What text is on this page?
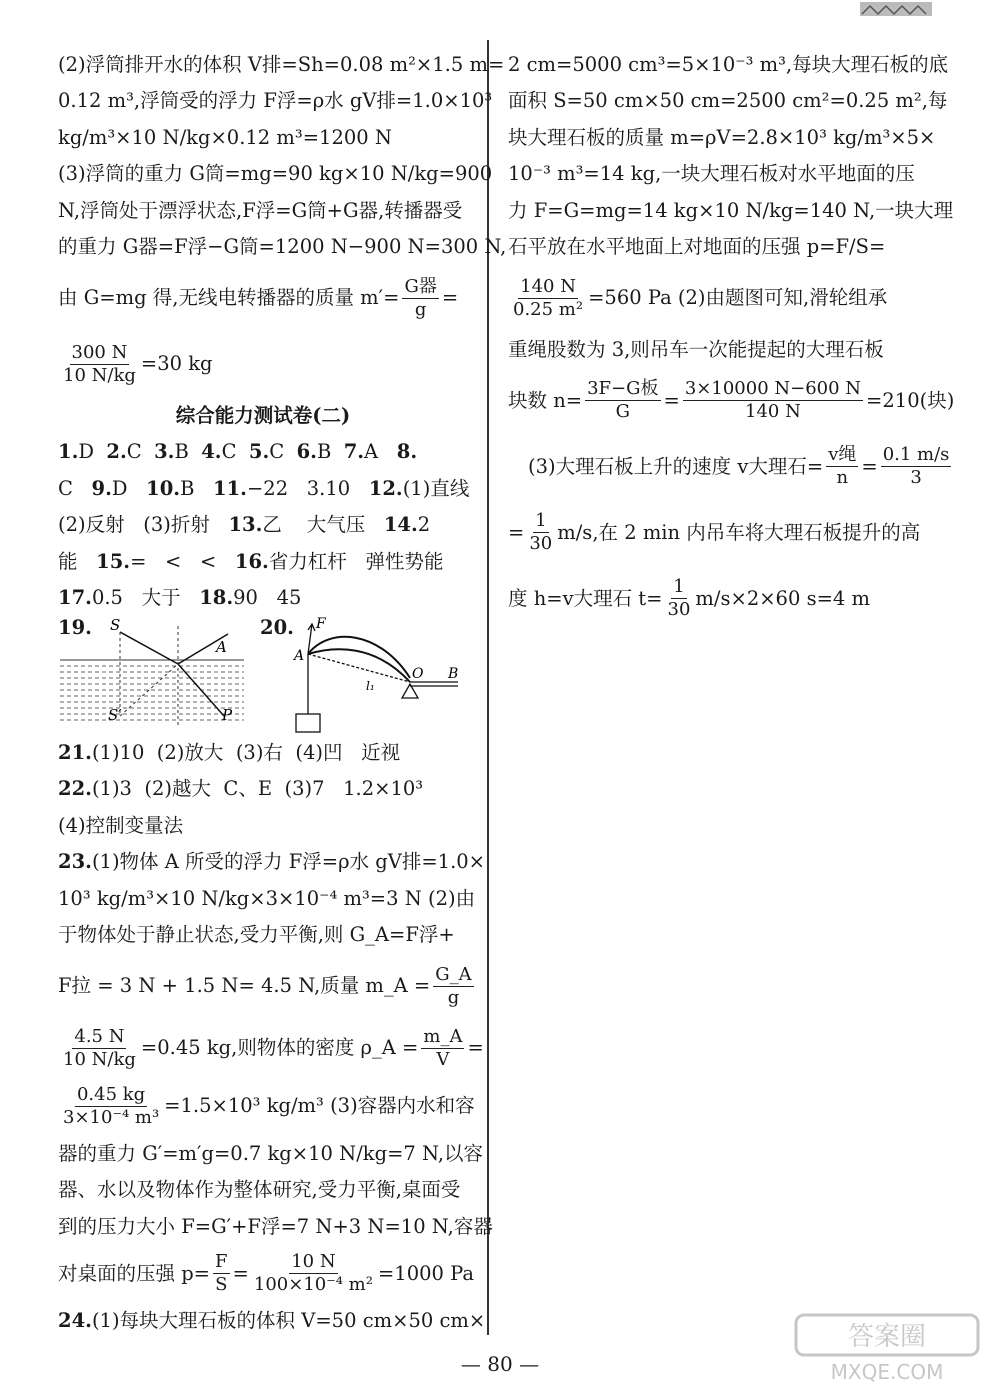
(2)浮筒排开水的体积 V排=Sh=0.08 m²×1.5 m=
0.12 m³,浮筒受的浮力 F浮=ρ水 gV排=1.0×10³
kg/m³×10 N/kg×0.12 m³=1200 N
(3)浮筒的重力 G筒=mg=90 kg×10 N/kg=900
N,浮筒处于漂浮状态,F浮=G筒+G器,转播器受
的重力 G器=F浮−G筒=1200 N−900 N=300 N,
由 G=mg 得,无线电转播器的质量 $m'= \frac{\text{G器}}{g}$ =
$\frac{300 N}{10 N/kg} =30$ kg
综合能力测试卷(二)
1. D
2. C
3. B
4. C
5. C
6. B
7. A
8.
C
9. D
10. B
11. −22
3.10
12. (1)直线
(2)反射
(3)折射
13. 乙
大气压
14. 2
能
15. =
<
<
16. 省力杠杆
弹性势能
17. 0.5
大于
18. 90
45
19. S
A
S′	P
20. F
A
O B
l₁
21. (1)10
(2)放大
(3)右
(4)凹
近视
22. (1)3
(2)越大
C、E
(3)7
1.2×10³
(4)控制变量法
23. (1)物体 A 所受的浮力 F浮=ρ水 gV排=1.0×
10³ kg/m³×10 N/kg×3×10⁻⁴ m³=3 N (2)由
于物体处于静止状态,受力平衡,则 G_A=F浮+
F拉 = 3 N + 1.5 N= 4.5 N,质量 m_A = $\frac{G\_A}{g}$
$\frac{4.5 N}{10 N/kg} =0.45$ kg,则物体的密度 ρ_A = $\frac{m\_A}{V}$ =
$\frac{0.45 kg}{\text{3×10⁻⁴ m³}} =1.5\times 10^3$ kg/m³ (3)容器内水和容
器的重力 G′=m′g=0.7 kg×10 N/kg=7 N,以容
器、水以及物体作为整体研究,受力平衡,桌面受
到的压力大小 F=G′+F浮=7 N+3 N=10 N,容器
对桌面的压强 $p= \frac{F}{S} = \frac{10 N}{\text{100×10⁻⁴ m²}} =1000$ Pa
24. (1)每块大理石板的体积 V=50 cm×50 cm×
2 cm=5000 cm³=5×10⁻³ m³,每块大理石板的底
面积 S=50 cm×50 cm=2500 cm²=0.25 m²,每
块大理石板的质量 m=ρV=2.8×10³ kg/m³×5×
10⁻³ m³=14 kg,一块大理石板对水平地面的压
力 F=G=mg=14 kg×10 N/kg=140 N,一块大理
石平放在水平地面上对地面的压强 p=F/S=
$\frac{140 N}{\text{0.25 m²}} =560$ Pa (2)由题图可知,滑轮组承
重绳股数为 3,则吊车一次能提起的大理石板
块数 $n= \frac{\text{3F−G板}}{G} = \frac{3\times 10000 N-600 N}{140 N} =210$(块)
(3)大理石板上升的速度 v大理石= $\frac{\text{v绳}}{n} = \frac{0.1 m/s}{3}$
= $\frac{1}{30} m/s$,在 2 min 内吊车将大理石板提升的高
度 h=v大理石 $t= \frac{1}{30} m/s\times 2\times 60$ s=4 m
— 80 —
答案圈
MXQE.COM
